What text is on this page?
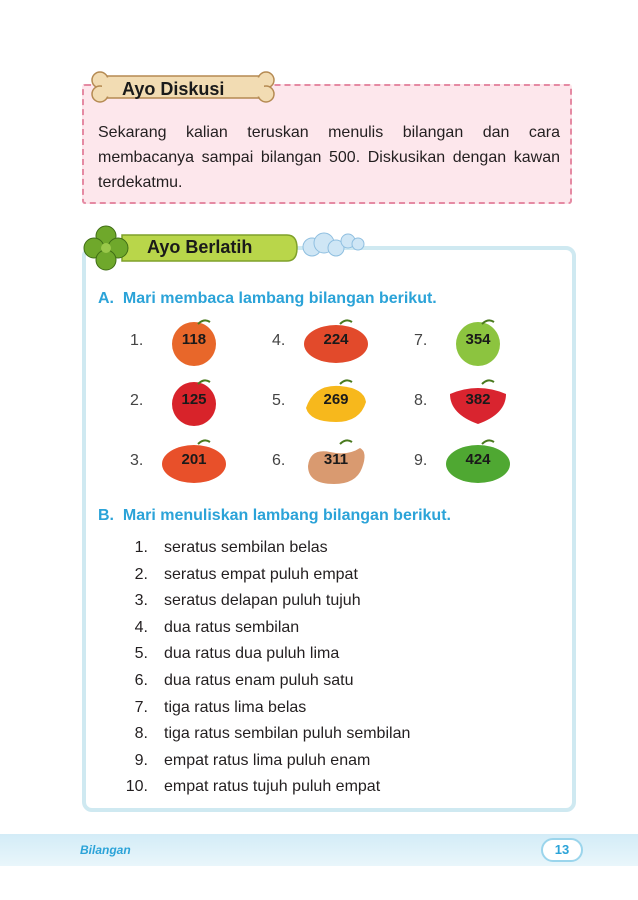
Ayo Diskusi
Sekarang kalian teruskan menulis bilangan dan cara membacanya sampai bilangan 500. Diskusikan dengan kawan terdekatmu.
Ayo Berlatih
A.  Mari membaca lambang bilangan berikut.
1.	118
2.	125
3.	201
4.	224
5.	269
6.	311
7.	354
8.	382
9.	424
B.  Mari menuliskan lambang bilangan berikut.
1. seratus sembilan belas
2. seratus empat puluh empat
3. seratus delapan puluh tujuh
4. dua ratus sembilan
5. dua ratus dua puluh lima
6. dua ratus enam puluh satu
7. tiga ratus lima belas
8. tiga ratus sembilan puluh sembilan
9. empat ratus lima puluh enam
10. empat ratus tujuh puluh empat
Bilangan	13
